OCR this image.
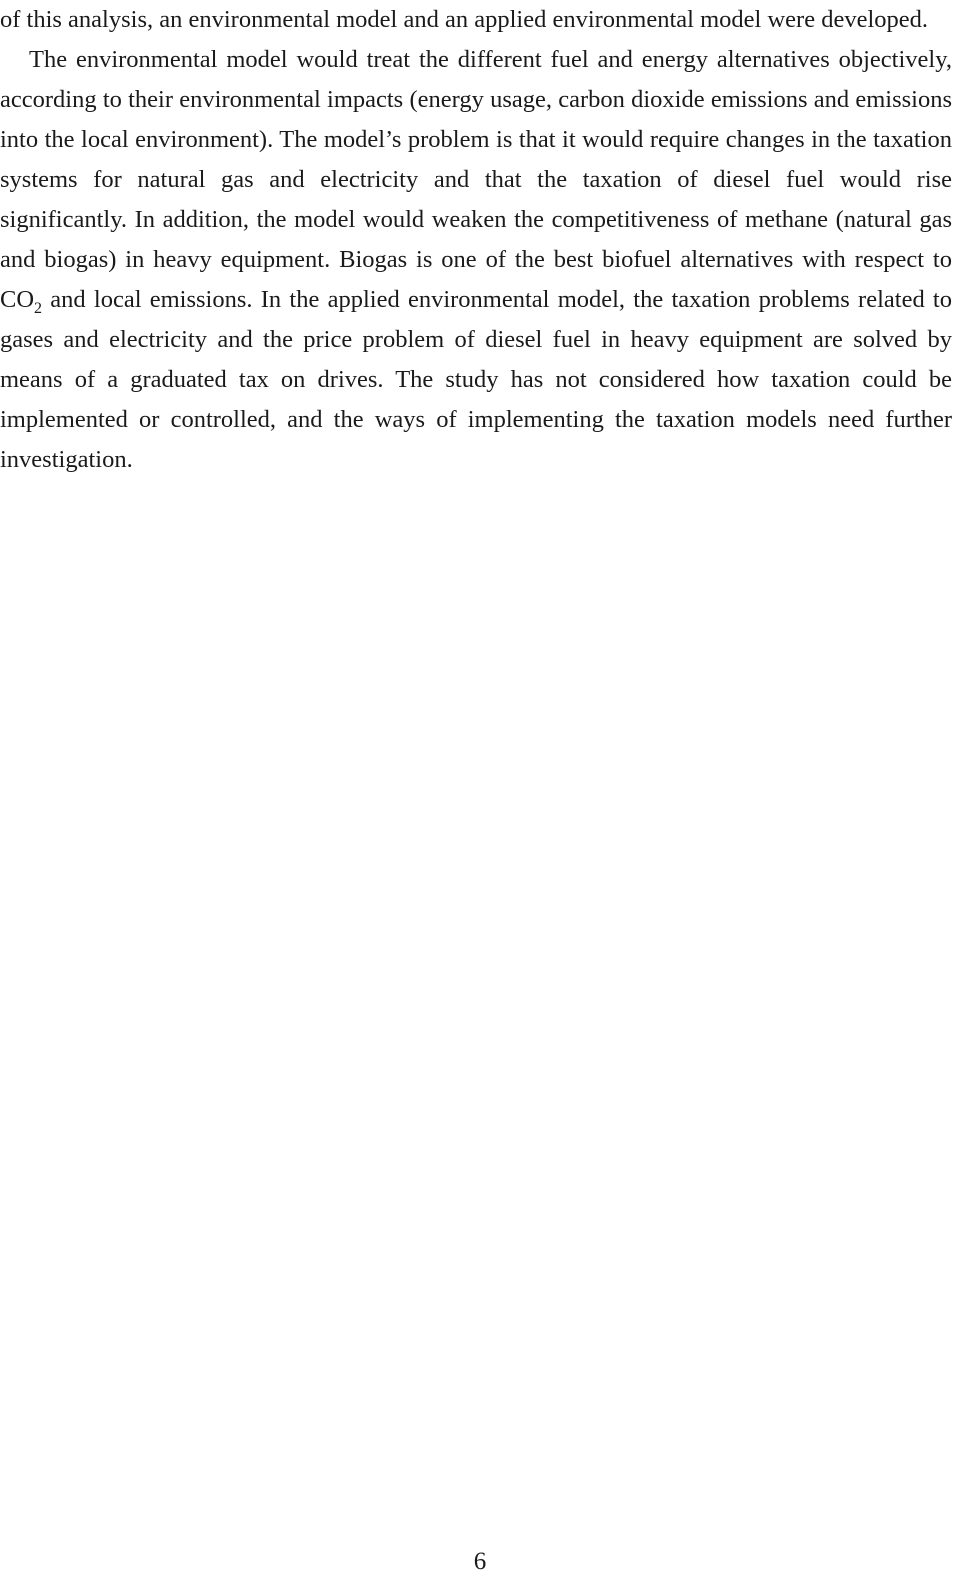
of this analysis, an environmental model and an applied environmental model were developed.

The environmental model would treat the different fuel and energy alternatives objectively, according to their environmental impacts (energy usage, carbon dioxide emissions and emissions into the local environment). The model’s problem is that it would require changes in the taxation systems for natural gas and electricity and that the taxation of diesel fuel would rise significantly. In addition, the model would weaken the competitiveness of methane (natural gas and biogas) in heavy equipment. Biogas is one of the best biofuel alternatives with respect to $CO_2$ and local emissions. In the applied environmental model, the taxation problems related to gases and electricity and the price problem of diesel fuel in heavy equipment are solved by means of a graduated tax on drives. The study has not considered how taxation could be implemented or controlled, and the ways of implementing the taxation models need further investigation.

6
